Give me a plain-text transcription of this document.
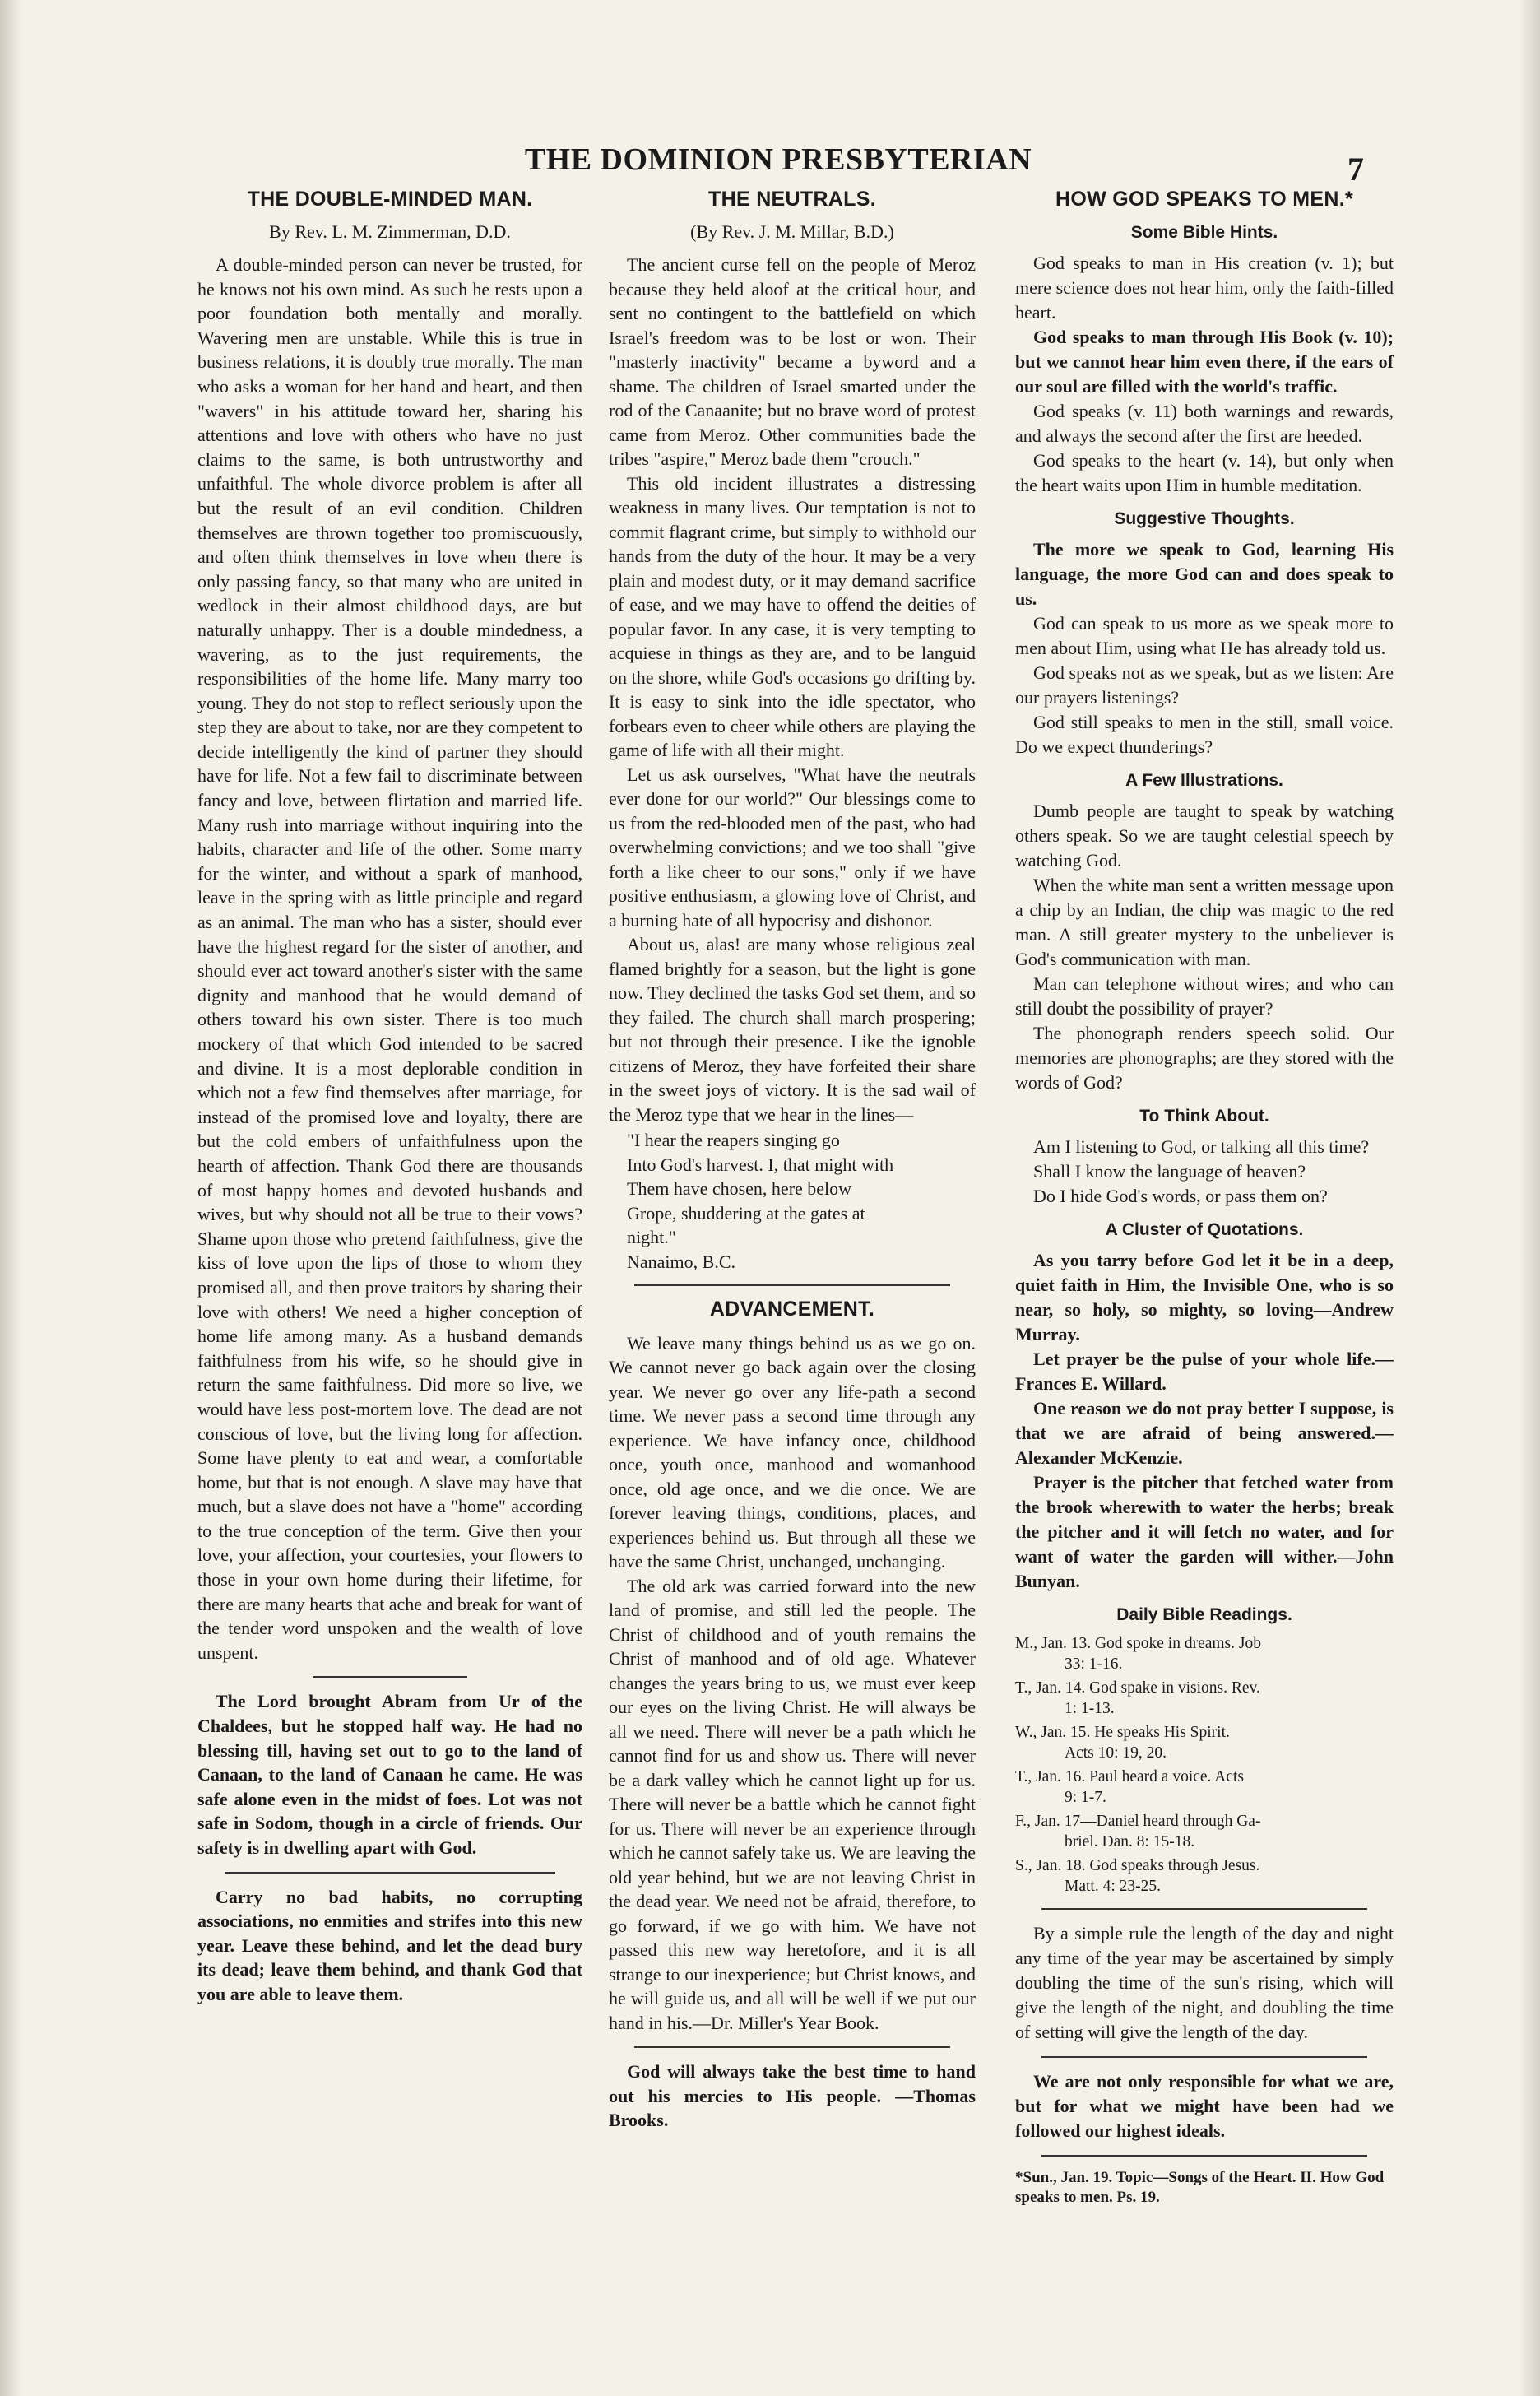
THE DOMINION PRESBYTERIAN	7
THE DOUBLE-MINDED MAN.
By Rev. L. M. Zimmerman, D.D.

A double-minded person can never be trusted, for he knows not his own mind. As such he rests upon a poor foundation both mentally and morally. Wavering men are unstable. While this is true in business relations, it is doubly true morally. The man who asks a woman for her hand and heart, and then "wavers" in his attitude toward her, sharing his attentions and love with others who have no just claims to the same, is both untrustworthy and unfaithful. The whole divorce problem is after all but the result of an evil condition. Children themselves are thrown together too promiscuously, and often think themselves in love when there is only passing fancy, so that many who are united in wedlock in their almost childhood days, are but naturally unhappy. Ther is a double mindedness, a wavering, as to the just requirements, the responsibilities of the home life. Many marry too young. They do not stop to reflect seriously upon the step they are about to take, nor are they competent to decide intelligently the kind of partner they should have for life. Not a few fail to discriminate between fancy and love, between flirtation and married life. Many rush into marriage without inquiring into the habits, character and life of the other. Some marry for the winter, and without a spark of manhood, leave in the spring with as little principle and regard as an animal. The man who has a sister, should ever have the highest regard for the sister of another, and should ever act toward another's sister with the same dignity and manhood that he would demand of others toward his own sister. There is too much mockery of that which God intended to be sacred and divine. It is a most deplorable condition in which not a few find themselves after marriage, for instead of the promised love and loyalty, there are but the cold embers of unfaithfulness upon the hearth of affection. Thank God there are thousands of most happy homes and devoted husbands and wives, but why should not all be true to their vows? Shame upon those who pretend faithfulness, give the kiss of love upon the lips of those to whom they promised all, and then prove traitors by sharing their love with others! We need a higher conception of home life among many. As a husband demands faithfulness from his wife, so he should give in return the same faithfulness. Did more so live, we would have less post-mortem love. The dead are not conscious of love, but the living long for affection. Some have plenty to eat and wear, a comfortable home, but that is not enough. A slave may have that much, but a slave does not have a "home" according to the true conception of the term. Give then your love, your affection, your courtesies, your flowers to those in your own home during their lifetime, for there are many hearts that ache and break for want of the tender word unspoken and the wealth of love unspent.

The Lord brought Abram from Ur of the Chaldees, but he stopped half way. He had no blessing till, having set out to go to the land of Canaan, to the land of Canaan he came. He was safe alone even in the midst of foes. Lot was not safe in Sodom, though in a circle of friends. Our safety is in dwelling apart with God.

Carry no bad habits, no corrupting associations, no enmities and strifes into this new year. Leave these behind, and let the dead bury its dead; leave them behind, and thank God that you are able to leave them.

THE NEUTRALS.
(By Rev. J. M. Millar, B.D.)

The ancient curse fell on the people of Meroz because they held aloof at the critical hour, and sent no contingent to the battlefield on which Israel's freedom was to be lost or won. Their "masterly inactivity" became a byword and a shame. The children of Israel smarted under the rod of the Canaanite; but no brave word of protest came from Meroz. Other communities bade the tribes "aspire," Meroz bade them "crouch."

This old incident illustrates a distressing weakness in many lives. Our temptation is not to commit flagrant crime, but simply to withhold our hands from the duty of the hour. It may be a very plain and modest duty, or it may demand sacrifice of ease, and we may have to offend the deities of popular favor. In any case, it is very tempting to acquiese in things as they are, and to be languid on the shore, while God's occasions go drifting by. It is easy to sink into the idle spectator, who forbears even to cheer while others are playing the game of life with all their might.

Let us ask ourselves, "What have the neutrals ever done for our world?" Our blessings come to us from the red-blooded men of the past, who had overwhelming convictions; and we too shall "give forth a like cheer to our sons," only if we have positive enthusiasm, a glowing love of Christ, and a burning hate of all hypocrisy and dishonor.

About us, alas! are many whose religious zeal flamed brightly for a season, but the light is gone now. They declined the tasks God set them, and so they failed. The church shall march prospering; but not through their presence. Like the ignoble citizens of Meroz, they have forfeited their share in the sweet joys of victory. It is the sad wail of the Meroz type that we hear in the lines—

"I hear the reapers singing go
Into God's harvest. I, that might with
Them have chosen, here below
Grope, shuddering at the gates at
night."
Nanaimo, B.C.
ADVANCEMENT.

We leave many things behind us as we go on. We cannot never go back again over the closing year. We never go over any life-path a second time. We never pass a second time through any experience. We have infancy once, childhood once, youth once, manhood and womanhood once, old age once, and we die once. We are forever leaving things, conditions, places, and experiences behind us. But through all these we have the same Christ, unchanged, unchanging.

The old ark was carried forward into the new land of promise, and still led the people. The Christ of childhood and of youth remains the Christ of manhood and of old age. Whatever changes the years bring to us, we must ever keep our eyes on the living Christ. He will always be all we need. There will never be a path which he cannot find for us and show us. There will never be a dark valley which he cannot light up for us. There will never be a battle which he cannot fight for us. There will never be an experience through which he cannot safely take us. We are leaving the old year behind, but we are not leaving Christ in the dead year. We need not be afraid, therefore, to go forward, if we go with him. We have not passed this new way heretofore, and it is all strange to our inexperience; but Christ knows, and he will guide us, and all will be well if we put our hand in his.—Dr. Miller's Year Book.

God will always take the best time to hand out his mercies to His people. —Thomas Brooks.

HOW GOD SPEAKS TO MEN.*
Some Bible Hints.

God speaks to man in His creation (v. 1); but mere science does not hear him, only the faith-filled heart.

God speaks to man through His Book (v. 10); but we cannot hear him even there, if the ears of our soul are filled with the world's traffic.

God speaks (v. 11) both warnings and rewards, and always the second after the first are heeded.

God speaks to the heart (v. 14), but only when the heart waits upon Him in humble meditation.

Suggestive Thoughts.

The more we speak to God, learning His language, the more God can and does speak to us.

God can speak to us more as we speak more to men about Him, using what He has already told us.

God speaks not as we speak, but as we listen: Are our prayers listenings?

God still speaks to men in the still, small voice. Do we expect thunderings?

A Few Illustrations.

Dumb people are taught to speak by watching others speak. So we are taught celestial speech by watching God.

When the white man sent a written message upon a chip by an Indian, the chip was magic to the red man. A still greater mystery to the unbeliever is God's communication with man.

Man can telephone without wires; and who can still doubt the possibility of prayer?

The phonograph renders speech solid. Our memories are phonographs; are they stored with the words of God?

To Think About.

Am I listening to God, or talking all this time?

Shall I know the language of heaven?

Do I hide God's words, or pass them on?

A Cluster of Quotations.

As you tarry before God let it be in a deep, quiet faith in Him, the Invisible One, who is so near, so holy, so mighty, so loving—Andrew Murray.

Let prayer be the pulse of your whole life.—Frances E. Willard.

One reason we do not pray better I suppose, is that we are afraid of being answered.—Alexander McKenzie.

Prayer is the pitcher that fetched water from the brook wherewith to water the herbs; break the pitcher and it will fetch no water, and for want of water the garden will wither.—John Bunyan.

Daily Bible Readings.
M., Jan. 13. God spoke in dreams. Job
33: 1-16.
T., Jan. 14. God spake in visions. Rev.
1: 1-13.
W., Jan. 15. He speaks His Spirit.
Acts 10: 19, 20.
T., Jan. 16. Paul heard a voice. Acts
9: 1-7.
F., Jan. 17—Daniel heard through Ga-
briel. Dan. 8: 15-18.
S., Jan. 18. God speaks through Jesus.
Matt. 4: 23-25.

By a simple rule the length of the day and night any time of the year may be ascertained by simply doubling the time of the sun's rising, which will give the length of the night, and doubling the time of setting will give the length of the day.

We are not only responsible for what we are, but for what we might have been had we followed our highest ideals.

*Sun., Jan. 19. Topic—Songs of the Heart. II. How God speaks to men. Ps. 19.
